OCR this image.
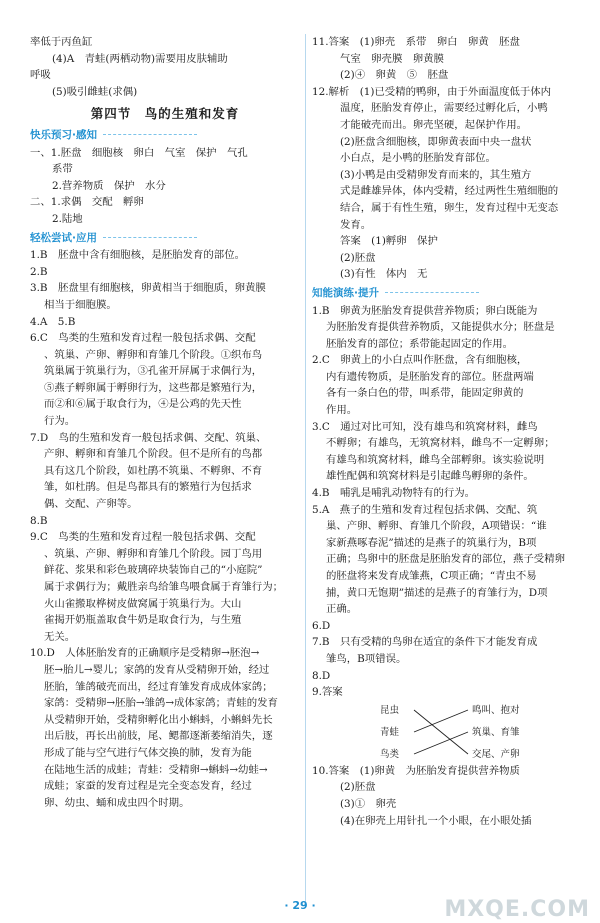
率低于丙鱼缸
(4)A　青蛙(两栖动物)需要用皮肤辅助
呼吸
(5)吸引雌蛙(求偶)
第四节　鸟的生殖和发育
快乐预习·感知
一、1.胚盘　细胞核　卵白　气室　保护　气孔
系带
2.营养物质　保护　水分
二、1.求偶　交配　孵卵
2.陆地
轻松尝试·应用
1.B　胚盘中含有细胞核，是胚胎发育的部位。
2.B
3.B　胚盘里有细胞核，卵黄相当于细胞质，卵黄膜
相当于细胞膜。
4.A　5.B
6.C　鸟类的生殖和发育过程一般包括求偶、交配
、筑巢、产卵、孵卵和育雏几个阶段。①织布鸟
筑巢属于筑巢行为，③孔雀开屏属于求偶行为，
⑤燕子孵卵属于孵卵行为，这些都是繁殖行为，
而②和⑥属于取食行为，④是公鸡的先天性
行为。
7.D　鸟的生殖和发育一般包括求偶、交配、筑巢、
产卵、孵卵和育雏几个阶段。但不是所有的鸟都
具有这几个阶段，如杜鹃不筑巢、不孵卵、不育
雏，如杜鹃。但是鸟都具有的繁殖行为包括求
偶、交配、产卵等。
8.B
9.C　鸟类的生殖和发育过程一般包括求偶、交配
、筑巢、产卵、孵卵和育雏几个阶段。园丁鸟用
鲜花、浆果和彩色玻璃碎块装饰自己的“小庭院”
属于求偶行为；戴胜亲鸟给雏鸟喂食属于育雏行为；
火山雀搬取桦树皮做窝属于筑巢行为。大山
雀揭开奶瓶盖取食牛奶是取食行为，与生殖
无关。
10.D　人体胚胎发育的正确顺序是受精卵→胚泡→
胚→胎儿→婴儿；家鸽的发育从受精卵开始，经过
胚胎，雏鸽破壳而出，经过育雏发育成成体家鸽；
家鸽：受精卵→胚胎→雏鸽→成体家鸽；青蛙的发育
从受精卵开始，受精卵孵化出小蝌蚪，小蝌蚪先长
出后肢，再长出前肢，尾、鳃都逐渐萎缩消失，逐
形成了能与空气进行气体交换的肺，发育为能
在陆地生活的成蛙；青蛙：受精卵→蝌蚪→幼蛙→
成蛙；家蚕的发育过程是完全变态发育，经过
卵、幼虫、蛹和成虫四个时期。
11.答案　(1)卵壳　系带　卵白　卵黄　胚盘
气室　卵壳膜　卵黄膜
(2)④　卵黄　⑤　胚盘
12.解析　(1)已受精的鸭卵，由于外面温度低于体内
温度，胚胎发育停止，需要经过孵化后，小鸭
才能破壳而出。卵壳坚硬，起保护作用。
(2)胚盘含细胞核，即卵黄表面中央一盘状
小白点，是小鸭的胚胎发育部位。
(3)小鸭是由受精卵发育而来的，其生殖方
式是雌雄异体，体内受精，经过两性生殖细胞的
结合，属于有性生殖，卵生，发育过程中无变态
发育。
答案　(1)孵卵　保护
(2)胚盘
(3)有性　体内　无
知能演练·提升
1.B　卵黄为胚胎发育提供营养物质；卵白既能为
为胚胎发育提供营养物质，又能提供水分；胚盘是
胚胎发育的部位；系带能起固定的作用。
2.C　卵黄上的小白点叫作胚盘，含有细胞核，
内有遗传物质，是胚胎发育的部位。胚盘两端
各有一条白色的带，叫系带，能固定卵黄的
作用。
3.C　通过对比可知，没有雄鸟和筑窝材料，雌鸟
不孵卵；有雄鸟，无筑窝材料，雌鸟不一定孵卵；
有雄鸟和筑窝材料，雌鸟全部孵卵。该实验说明
雄性配偶和筑窝材料是引起雌鸟孵卵的条件。
4.B　哺乳是哺乳动物特有的行为。
5.A　燕子的生殖和发育过程包括求偶、交配、筑
巢、产卵、孵卵、育雏几个阶段，A项错误：“谁
家新燕啄春泥”描述的是燕子的筑巢行为，B项
正确；鸟卵中的胚盘是胚胎发育的部位，燕子受精卵
的胚盘将来发育成雏燕，C项正确；“青虫不易
捕，黄口无饱期”描述的是燕子的育雏行为，D项
正确。
6.D
7.B　只有受精的鸟卵在适宜的条件下才能发育成
雏鸟，B项错误。
8.D
9.答案
昆虫
青蛙
鸟类
鸣叫、抱对
筑巢、育雏
交尾、产卵
10.答案　(1)卵黄　为胚胎发育提供营养物质
(2)胚盘
(3)①　卵壳
(4)在卵壳上用针扎一个小眼，在小眼处插
· 29 ·	MXQE.COM
